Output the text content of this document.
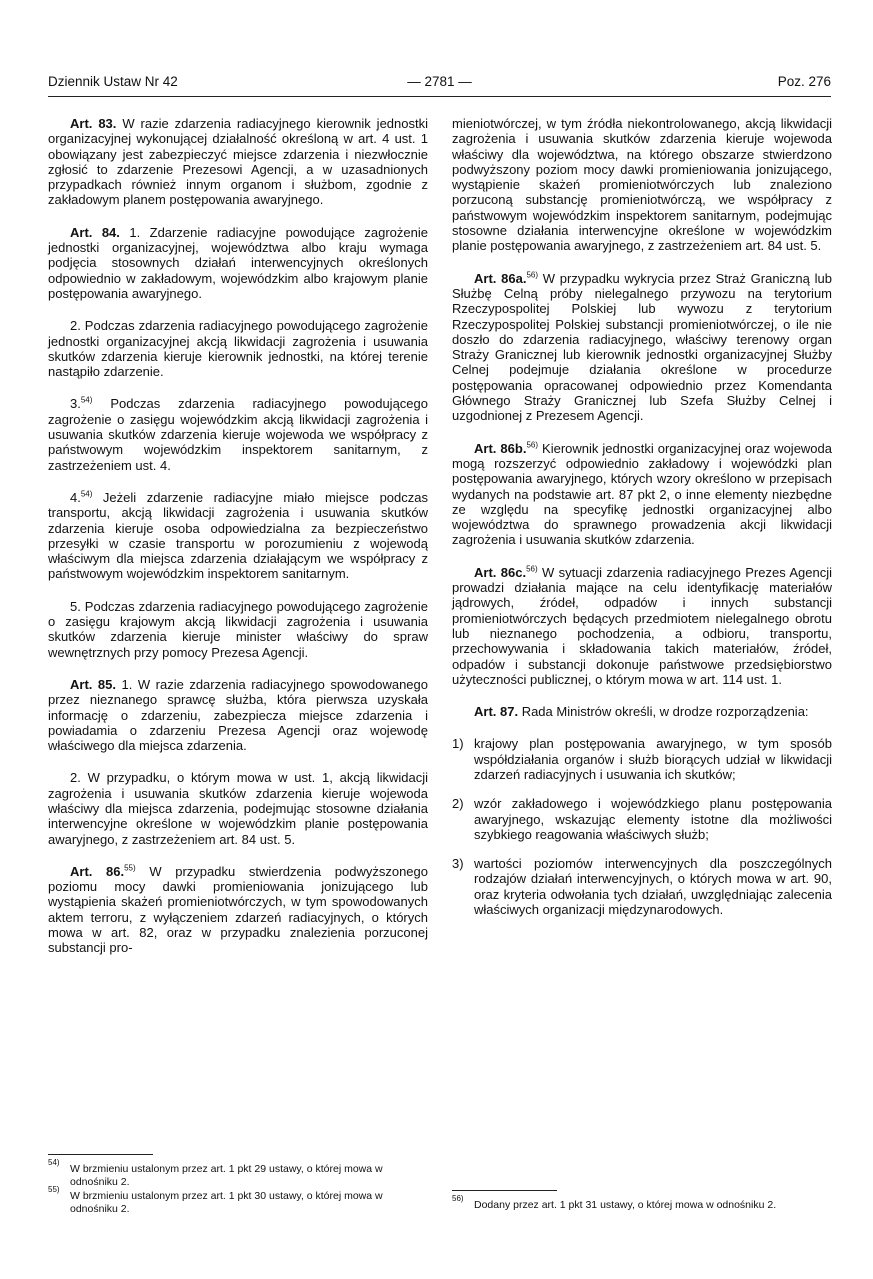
Dziennik Ustaw Nr 42	— 2781 —	Poz. 276

Art. 83. W razie zdarzenia radiacyjnego kierownik jednostki organizacyjnej wykonującej działalność określoną w art. 4 ust. 1 obowiązany jest zabezpieczyć miejsce zdarzenia i niezwłocznie zgłosić to zdarzenie Prezesowi Agencji, a w uzasadnionych przypadkach również innym organom i służbom, zgodnie z zakładowym planem postępowania awaryjnego.

Art. 84. 1. Zdarzenie radiacyjne powodujące zagrożenie jednostki organizacyjnej, województwa albo kraju wymaga podjęcia stosownych działań interwencyjnych określonych odpowiednio w zakładowym, wojewódzkim albo krajowym planie postępowania awaryjnego.

2. Podczas zdarzenia radiacyjnego powodującego zagrożenie jednostki organizacyjnej akcją likwidacji zagrożenia i usuwania skutków zdarzenia kieruje kierownik jednostki, na której terenie nastąpiło zdarzenie.

3.$^{54)}$ Podczas zdarzenia radiacyjnego powodującego zagrożenie o zasięgu wojewódzkim akcją likwidacji zagrożenia i usuwania skutków zdarzenia kieruje wojewoda we współpracy z państwowym wojewódzkim inspektorem sanitarnym, z zastrzeżeniem ust. 4.

4.$^{54)}$ Jeżeli zdarzenie radiacyjne miało miejsce podczas transportu, akcją likwidacji zagrożenia i usuwania skutków zdarzenia kieruje osoba odpowiedzialna za bezpieczeństwo przesyłki w czasie transportu w porozumieniu z wojewodą właściwym dla miejsca zdarzenia działającym we współpracy z państwowym wojewódzkim inspektorem sanitarnym.

5. Podczas zdarzenia radiacyjnego powodującego zagrożenie o zasięgu krajowym akcją likwidacji zagrożenia i usuwania skutków zdarzenia kieruje minister właściwy do spraw wewnętrznych przy pomocy Prezesa Agencji.

Art. 85. 1. W razie zdarzenia radiacyjnego spowodowanego przez nieznanego sprawcę służba, która pierwsza uzyskała informację o zdarzeniu, zabezpiecza miejsce zdarzenia i powiadamia o zdarzeniu Prezesa Agencji oraz wojewodę właściwego dla miejsca zdarzenia.

2. W przypadku, o którym mowa w ust. 1, akcją likwidacji zagrożenia i usuwania skutków zdarzenia kieruje wojewoda właściwy dla miejsca zdarzenia, podejmując stosowne działania interwencyjne określone w wojewódzkim planie postępowania awaryjnego, z zastrzeżeniem art. 84 ust. 5.

Art. 86.$^{55)}$ W przypadku stwierdzenia podwyższonego poziomu mocy dawki promieniowania jonizującego lub wystąpienia skażeń promieniotwórczych, w tym spowodowanych aktem terroru, z wyłączeniem zdarzeń radiacyjnych, o których mowa w art. 82, oraz w przypadku znalezienia porzuconej substancji pro-

54)
W brzmieniu ustalonym przez art. 1 pkt 29 ustawy, o której mowa w odnośniku 2.
55)
W brzmieniu ustalonym przez art. 1 pkt 30 ustawy, o której mowa w odnośniku 2.

mieniotwórczej, w tym źródła niekontrolowanego, akcją likwidacji zagrożenia i usuwania skutków zdarzenia kieruje wojewoda właściwy dla województwa, na którego obszarze stwierdzono podwyższony poziom mocy dawki promieniowania jonizującego, wystąpienie skażeń promieniotwórczych lub znaleziono porzuconą substancję promieniotwórczą, we współpracy z państwowym wojewódzkim inspektorem sanitarnym, podejmując stosowne działania interwencyjne określone w wojewódzkim planie postępowania awaryjnego, z zastrzeżeniem art. 84 ust. 5.

Art. 86a.$^{56)}$ W przypadku wykrycia przez Straż Graniczną lub Służbę Celną próby nielegalnego przywozu na terytorium Rzeczypospolitej Polskiej lub wywozu z terytorium Rzeczypospolitej Polskiej substancji promieniotwórczej, o ile nie doszło do zdarzenia radiacyjnego, właściwy terenowy organ Straży Granicznej lub kierownik jednostki organizacyjnej Służby Celnej podejmuje działania określone w procedurze postępowania opracowanej odpowiednio przez Komendanta Głównego Straży Granicznej lub Szefa Służby Celnej i uzgodnionej z Prezesem Agencji.

Art. 86b.$^{56)}$ Kierownik jednostki organizacyjnej oraz wojewoda mogą rozszerzyć odpowiednio zakładowy i wojewódzki plan postępowania awaryjnego, których wzory określono w przepisach wydanych na podstawie art. 87 pkt 2, o inne elementy niezbędne ze względu na specyfikę jednostki organizacyjnej albo województwa do sprawnego prowadzenia akcji likwidacji zagrożenia i usuwania skutków zdarzenia.

Art. 86c.$^{56)}$ W sytuacji zdarzenia radiacyjnego Prezes Agencji prowadzi działania mające na celu identyfikację materiałów jądrowych, źródeł, odpadów i innych substancji promieniotwórczych będących przedmiotem nielegalnego obrotu lub nieznanego pochodzenia, a odbioru, transportu, przechowywania i składowania takich materiałów, źródeł, odpadów i substancji dokonuje państwowe przedsiębiorstwo użyteczności publicznej, o którym mowa w art. 114 ust. 1.

Art. 87. Rada Ministrów określi, w drodze rozporządzenia:

1) krajowy plan postępowania awaryjnego, w tym sposób współdziałania organów i służb biorących udział w likwidacji zdarzeń radiacyjnych i usuwania ich skutków;
2) wzór zakładowego i wojewódzkiego planu postępowania awaryjnego, wskazując elementy istotne dla możliwości szybkiego reagowania właściwych służb;
3) wartości poziomów interwencyjnych dla poszczególnych rodzajów działań interwencyjnych, o których mowa w art. 90, oraz kryteria odwołania tych działań, uwzględniając zalecenia właściwych organizacji międzynarodowych.
56)
Dodany przez art. 1 pkt 31 ustawy, o której mowa w odnośniku 2.
